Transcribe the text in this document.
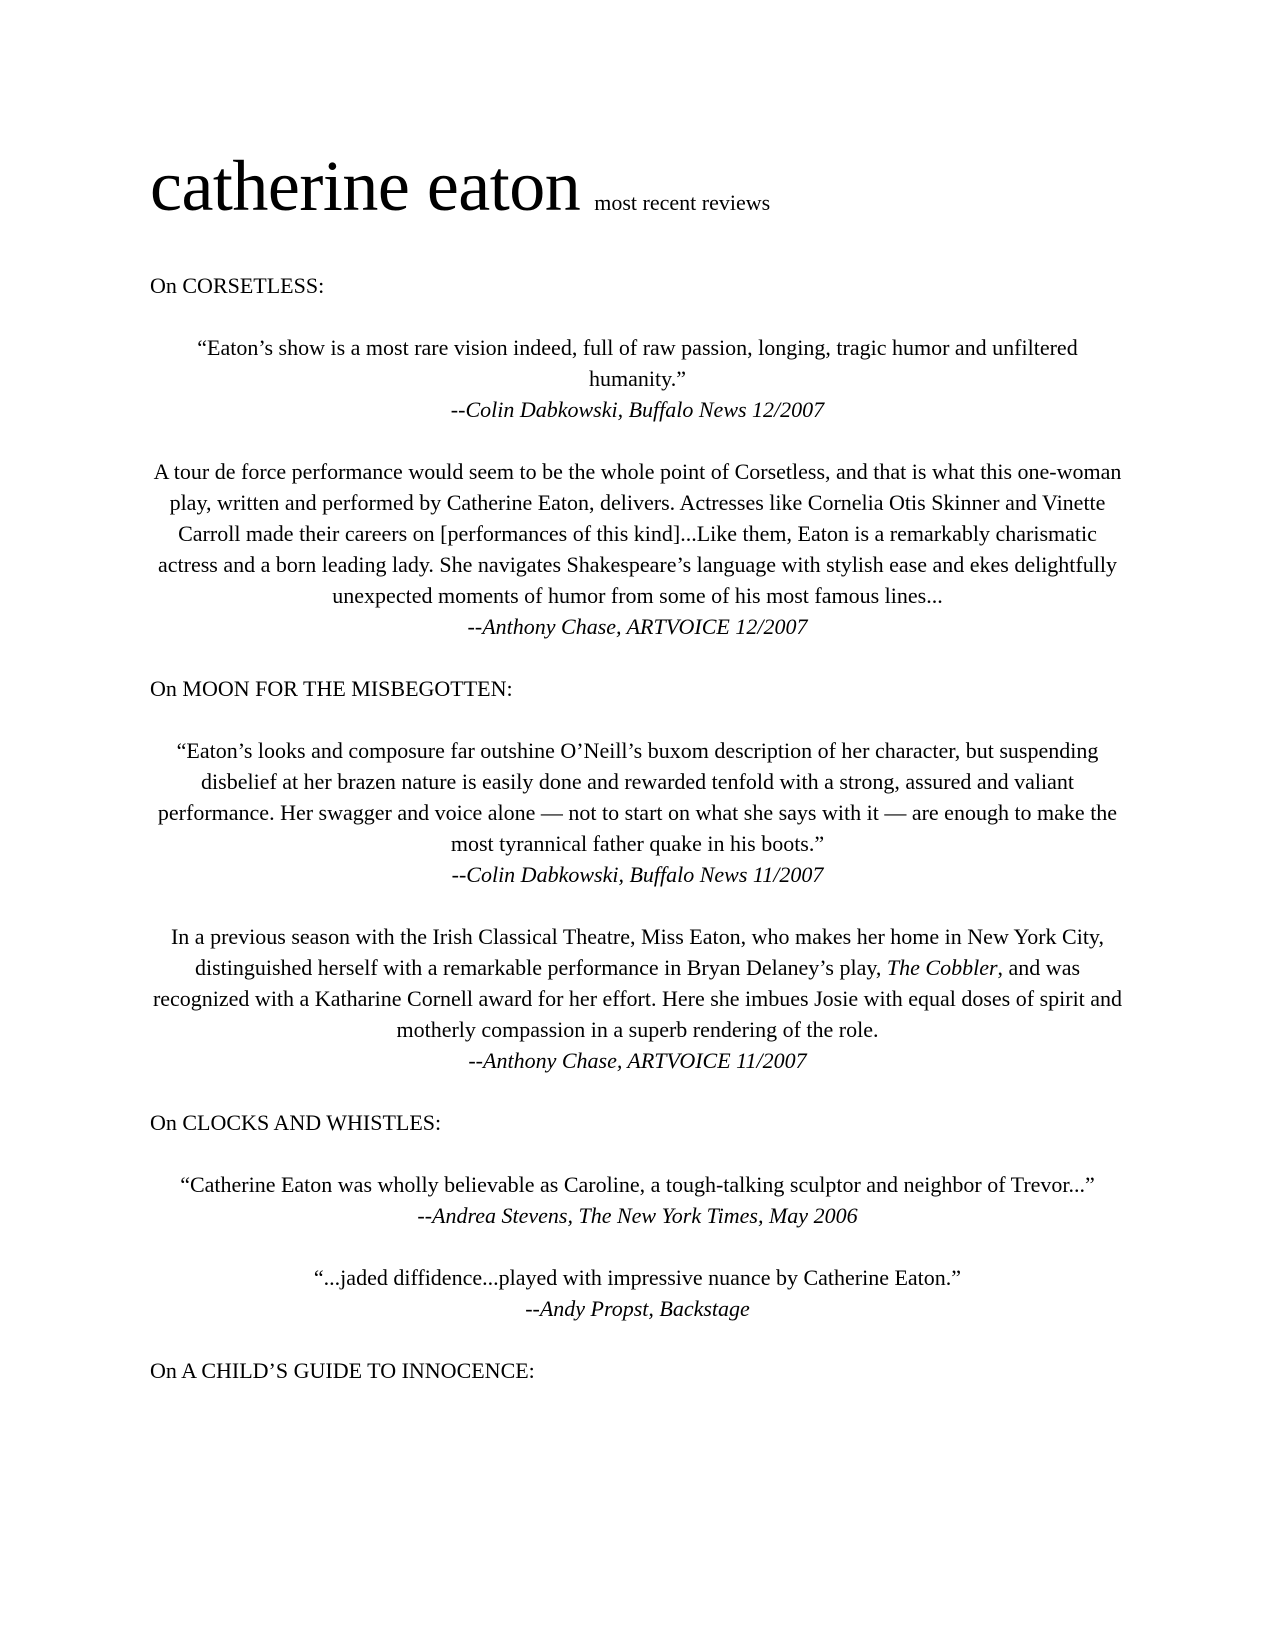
catherine eaton most recent reviews
On CORSETLESS:
“Eaton’s show is a most rare vision indeed, full of raw passion, longing, tragic humor and unfiltered humanity.”
--Colin Dabkowski, Buffalo News 12/2007
A tour de force performance would seem to be the whole point of Corsetless, and that is what this one-woman play, written and performed by Catherine Eaton, delivers. Actresses like Cornelia Otis Skinner and Vinette Carroll made their careers on [performances of this kind]...Like them, Eaton is a remarkably charismatic actress and a born leading lady. She navigates Shakespeare’s language with stylish ease and ekes delightfully unexpected moments of humor from some of his most famous lines...
--Anthony Chase, ARTVOICE 12/2007
On MOON FOR THE MISBEGOTTEN:
“Eaton’s looks and composure far outshine O’Neill’s buxom description of her character, but suspending disbelief at her brazen nature is easily done and rewarded tenfold with a strong, assured and valiant performance. Her swagger and voice alone — not to start on what she says with it — are enough to make the most tyrannical father quake in his boots.”
--Colin Dabkowski, Buffalo News 11/2007
In a previous season with the Irish Classical Theatre, Miss Eaton, who makes her home in New York City, distinguished herself with a remarkable performance in Bryan Delaney’s play, The Cobbler, and was recognized with a Katharine Cornell award for her effort. Here she imbues Josie with equal doses of spirit and motherly compassion in a superb rendering of the role.
--Anthony Chase, ARTVOICE 11/2007
On CLOCKS AND WHISTLES:
“Catherine Eaton was wholly believable as Caroline, a tough-talking sculptor and neighbor of Trevor...”
--Andrea Stevens, The New York Times, May 2006
“...jaded diffidence...played with impressive nuance by Catherine Eaton.”
--Andy Propst, Backstage
On A CHILD’S GUIDE TO INNOCENCE:
